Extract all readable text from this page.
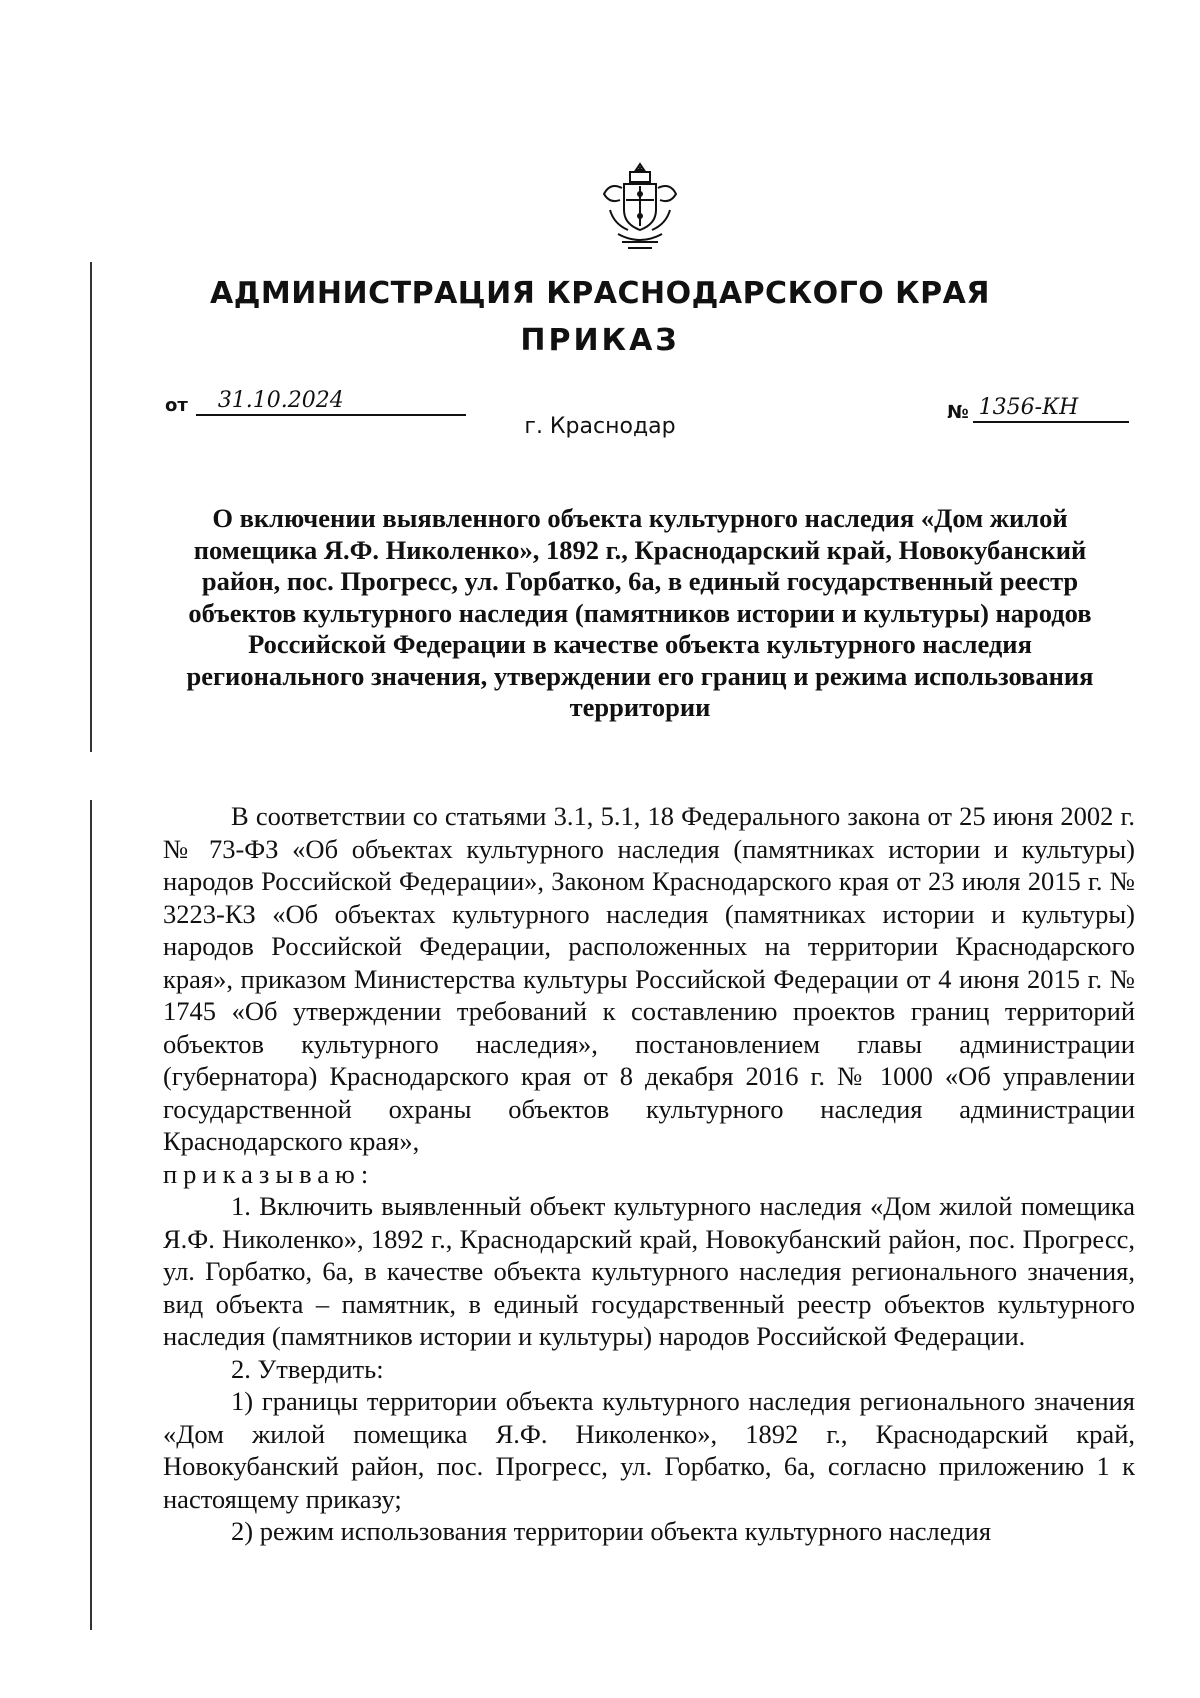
АДМИНИСТРАЦИЯ КРАСНОДАРСКОГО КРАЯ
ПРИКАЗ
от	31.10.2024	№ 1356-КН
г. Краснодар
О включении выявленного объекта культурного наследия «Дом жилой помещика Я.Ф. Николенко», 1892 г., Краснодарский край, Новокубанский район, пос. Прогресс, ул. Горбатко, 6а, в единый государственный реестр объектов культурного наследия (памятников истории и культуры) народов Российской Федерации в качестве объекта культурного наследия регионального значения, утверждении его границ и режима использования территории

В соответствии со статьями 3.1, 5.1, 18 Федерального закона от 25 июня 2002 г. № 73-ФЗ «Об объектах культурного наследия (памятниках истории и культуры) народов Российской Федерации», Законом Краснодарского края от 23 июля 2015 г. № 3223-КЗ «Об объектах культурного наследия (памятниках истории и культуры) народов Российской Федерации, расположенных на территории Краснодарского края», приказом Министерства культуры Российской Федерации от 4 июня 2015 г. № 1745 «Об утверждении требований к составлению проектов границ территорий объектов культурного наследия», постановлением главы администрации (губернатора) Краснодарского края от 8 декабря 2016 г. № 1000 «Об управлении государственной охраны объектов культурного наследия администрации Краснодарского края»,

приказываю:

1. Включить выявленный объект культурного наследия «Дом жилой помещика Я.Ф. Николенко», 1892 г., Краснодарский край, Новокубанский район, пос. Прогресс, ул. Горбатко, 6а, в качестве объекта культурного наследия регионального значения, вид объекта – памятник, в единый государственный реестр объектов культурного наследия (памятников истории и культуры) народов Российской Федерации.

2. Утвердить:

1) границы территории объекта культурного наследия регионального значения «Дом жилой помещика Я.Ф. Николенко», 1892 г., Краснодарский край, Новокубанский район, пос. Прогресс, ул. Горбатко, 6а, согласно приложению 1 к настоящему приказу;

2) режим использования территории объекта культурного наследия
